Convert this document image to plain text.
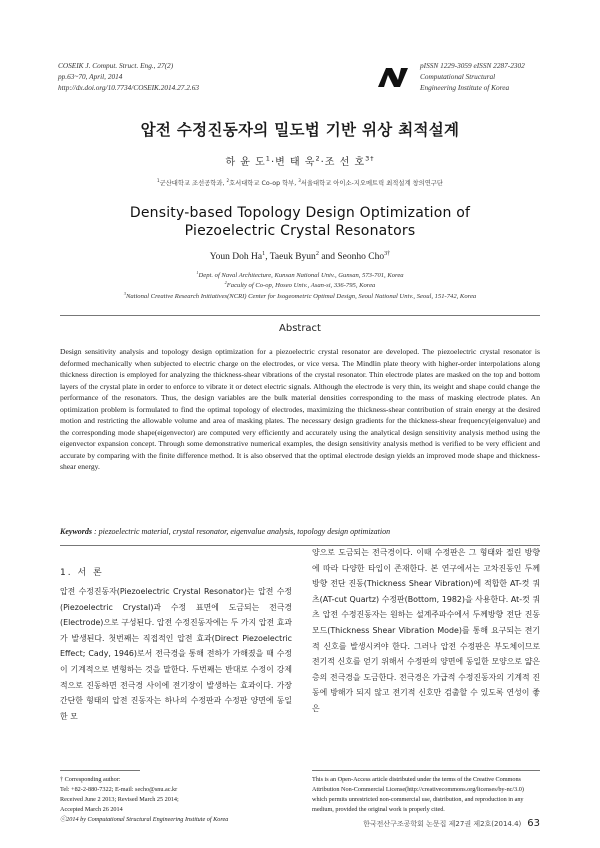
COSEIK J. Comput. Struct. Eng., 27(2)
pp.63~70, April, 2014
http://dx.doi.org/10.7734/COSEIK.2014.27.2.63
pISSN 1229-3059 eISSN 2287-2302
Computational Structural
Engineering Institute of Korea
압전 수정진동자의 밀도법 기반 위상 최적설계
하 윤 도$^1$·변 태 욱$^2$·조 선 호$^{3\dagger}$
$^1$군산대학교 조선공학과, $^2$호서대학교 Co-op 학부, $^3$서울대학교 아이소-지오메트릭 최적설계 창의연구단
Density-based Topology Design Optimization of
Piezoelectric Crystal Resonators
Youn Doh Ha$^1$, Taeuk Byun$^2$ and Seonho Cho$^{3\dagger}$
$^1$Dept. of Naval Architecture, Kunsan National Univ., Gunsan, 573-701, Korea
$^2$Faculty of Co-op, Hoseo Univ., Asan-si, 336-795, Korea
$^3$National Creative Research Initiatives(NCRI) Center for Isogeometric Optimal Design, Seoul National Univ., Seoul, 151-742, Korea
Abstract
Design sensitivity analysis and topology design optimization for a piezoelectric crystal resonator are developed. The piezoelectric crystal resonator is deformed mechanically when subjected to electric charge on the electrodes, or vice versa. The Mindlin plate theory with higher-order interpolations along thickness direction is employed for analyzing the thickness-shear vibrations of the crystal resonator. Thin electrode plates are masked on the top and bottom layers of the crystal plate in order to enforce to vibrate it or detect electric signals. Although the electrode is very thin, its weight and shape could change the performance of the resonators. Thus, the design variables are the bulk material densities corresponding to the mass of masking electrode plates. An optimization problem is formulated to find the optimal topology of electrodes, maximizing the thickness-shear contribution of strain energy at the desired motion and restricting the allowable volume and area of masking plates. The necessary design gradients for the thickness-shear frequency(eigenvalue) and the corresponding mode shape(eigenvector) are computed very efficiently and accurately using the analytical design sensitivity analysis method using the eigenvector expansion concept. Through some demonstrative numerical examples, the design sensitivity analysis method is verified to be very efficient and accurate by comparing with the finite difference method. It is also observed that the optimal electrode design yields an improved mode shape and thickness-shear energy.
Keywords : piezoelectric material, crystal resonator, eigenvalue analysis, topology design optimization
1. 서 론
압전 수정진동자(Piezoelectric Crystal Resonator)는 압전 수정(Piezoelectric Crystal)과 수정 표면에 도금되는 전극경(Electrode)으로 구성된다. 압전 수정진동자에는 두 가지 압전 효과가 발생된다. 첫번째는 직접적인 압전 효과(Direct Piezoelectric Effect; Cady, 1946)로서 전극경을 통해 전하가 가해졌을 때 수정이 기계적으로 변형하는 것을 말한다. 두번째는 반대로 수정이 강제적으로 진동하면 전극경 사이에 전기장이 발생하는 효과이다. 가장 간단한 형태의 압전 진동자는 하나의 수정판과 수정판 양면에 동일한 모
양으로 도금되는 전극경이다. 이때 수정판은 그 형태와 절린 방향에 따라 다양한 타입이 존재한다. 본 연구에서는 고차진동인 두께방향 전단 진동(Thickness Shear Vibration)에 적합한 AT-컷 쿼츠(AT-cut Quartz) 수정판(Bottom, 1982)을 사용한다. At-컷 쿼츠 압전 수정진동자는 원하는 설계주파수에서 두께방향 전단 진동 모드(Thickness Shear Vibration Mode)를 통해 요구되는 전기적 신호를 발생시켜야 한다. 그러나 압전 수정판은 부도체이므로 전기적 신호를 얻기 위해서 수정판의 양면에 동일한 모양으로 얇은 층의 전극경을 도금한다. 전극경은 가급적 수정진동자의 기계적 진동에 방해가 되지 않고 전기적 신호만 검출할 수 있도록 연성이 좋은
† Corresponding author:
Tel: +82-2-880-7322; E-mail: secho@snu.ac.kr
Received June 2 2013; Revised March 25 2014;
Accepted March 26 2014
ⓒ2014 by Computational Structural Engineering Institute of Korea
This is an Open-Access article distributed under the terms of the Creative Commons Attribution Non-Commercial License(http://creativecommons.org/licenses/by-nc/3.0) which permits unrestricted non-commercial use, distribution, and reproduction in any medium, provided the original work is properly cited.
한국전산구조공학회 논문집 제27권 제2호(2014.4) 63
